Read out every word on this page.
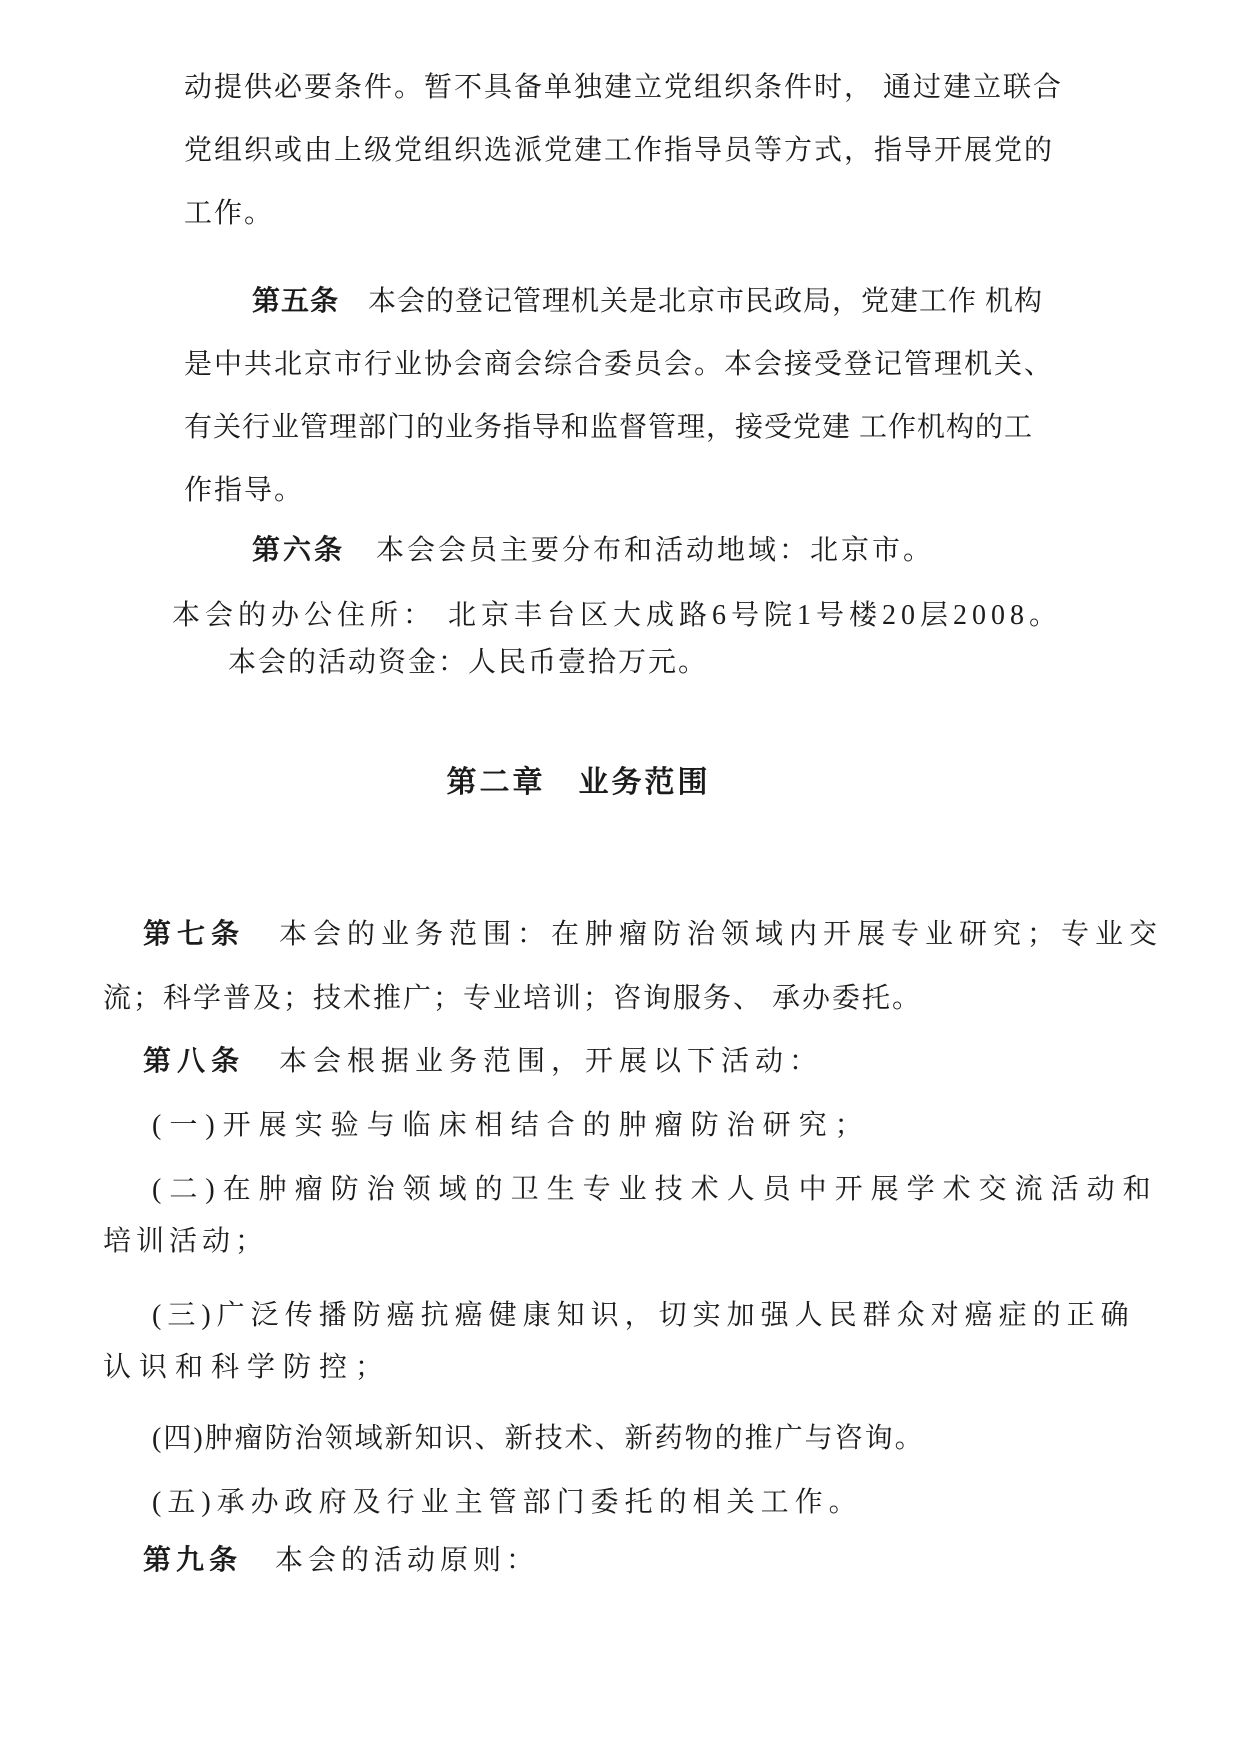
动提供必要条件。暂不具备单独建立党组织条件时， 通过建立联合
党组织或由上级党组织选派党建工作指导员等方式，指导开展党的
工作。
第五条　本会的登记管理机关是北京市民政局，党建工作 机构
是中共北京市行业协会商会综合委员会。本会接受登记管理机关、
有关行业管理部门的业务指导和监督管理，接受党建 工作机构的工
作指导。
第六条　本会会员主要分布和活动地域：北京市。
本会的办公住所： 北京丰台区大成路6号院1号楼20层2008。
本会的活动资金：人民币壹拾万元。
第二章　业务范围
第七条　本会的业务范围：在肿瘤防治领域内开展专业研究；专业交
流；科学普及；技术推广；专业培训；咨询服务、 承办委托。
第八条　本会根据业务范围，开展以下活动：
(一)开展实验与临床相结合的肿瘤防治研究；
(二)在肿瘤防治领域的卫生专业技术人员中开展学术交流活动和
培训活动；
(三)广泛传播防癌抗癌健康知识，切实加强人民群众对癌症的正确
认识和科学防控；
(四)肿瘤防治领域新知识、新技术、新药物的推广与咨询。
(五)承办政府及行业主管部门委托的相关工作。
第九条　本会的活动原则：
